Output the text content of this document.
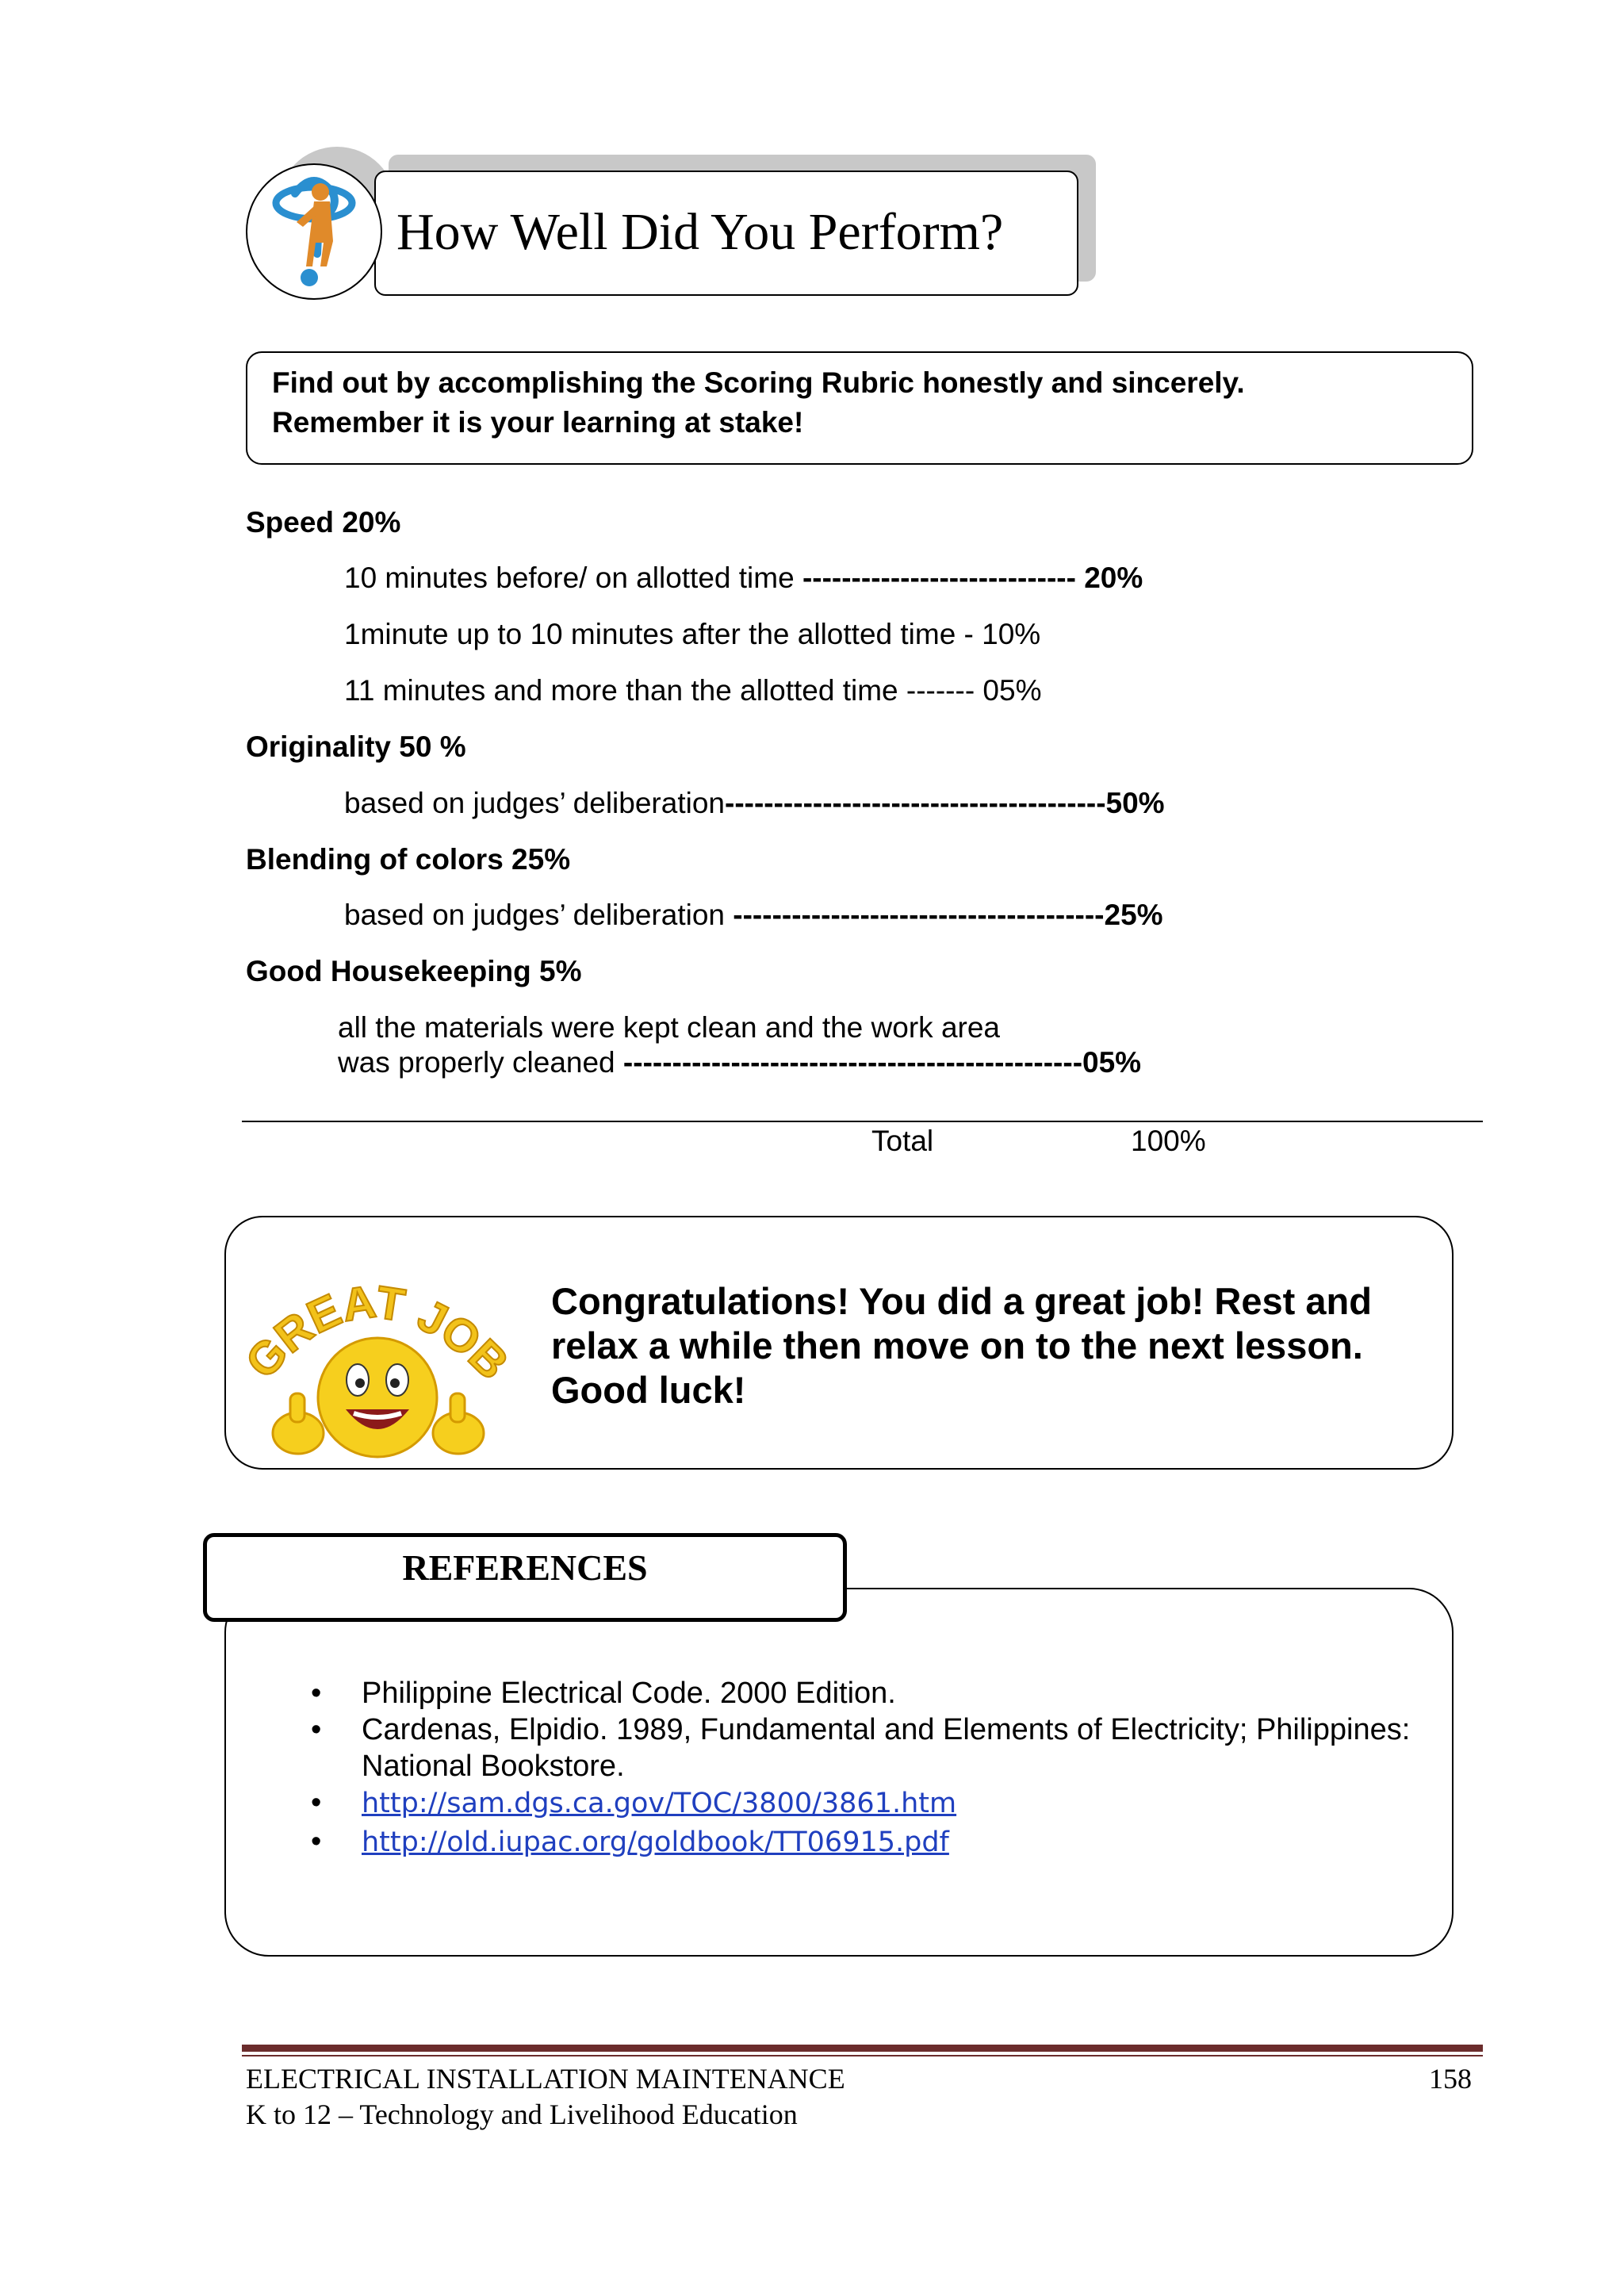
How Well Did You Perform?
Find out by accomplishing the Scoring Rubric honestly and sincerely.
Remember it is your learning at stake!
Speed 20%
10 minutes before/ on allotted time ---------------------------- 20%
1minute up to 10 minutes after the allotted time - 10%
11 minutes and more than the allotted time ------- 05%
Originality 50 %
based on judges’ deliberation---------------------------------------50%
Blending of colors 25%
based on judges’ deliberation --------------------------------------25%
Good Housekeeping 5%
all the materials were kept clean and the work area
was properly cleaned -----------------------------------------------05%
Total	100%
GREAT JOB
Congratulations! You did a great job! Rest and relax a while then move on to the next lesson. Good luck!
REFERENCES
• Philippine Electrical Code. 2000 Edition.
• Cardenas, Elpidio. 1989, Fundamental and Elements of Electricity; Philippines: National Bookstore.
• http://sam.dgs.ca.gov/TOC/3800/3861.htm
• http://old.iupac.org/goldbook/TT06915.pdf
ELECTRICAL INSTALLATION MAINTENANCE
K to 12 – Technology and Livelihood Education
158
